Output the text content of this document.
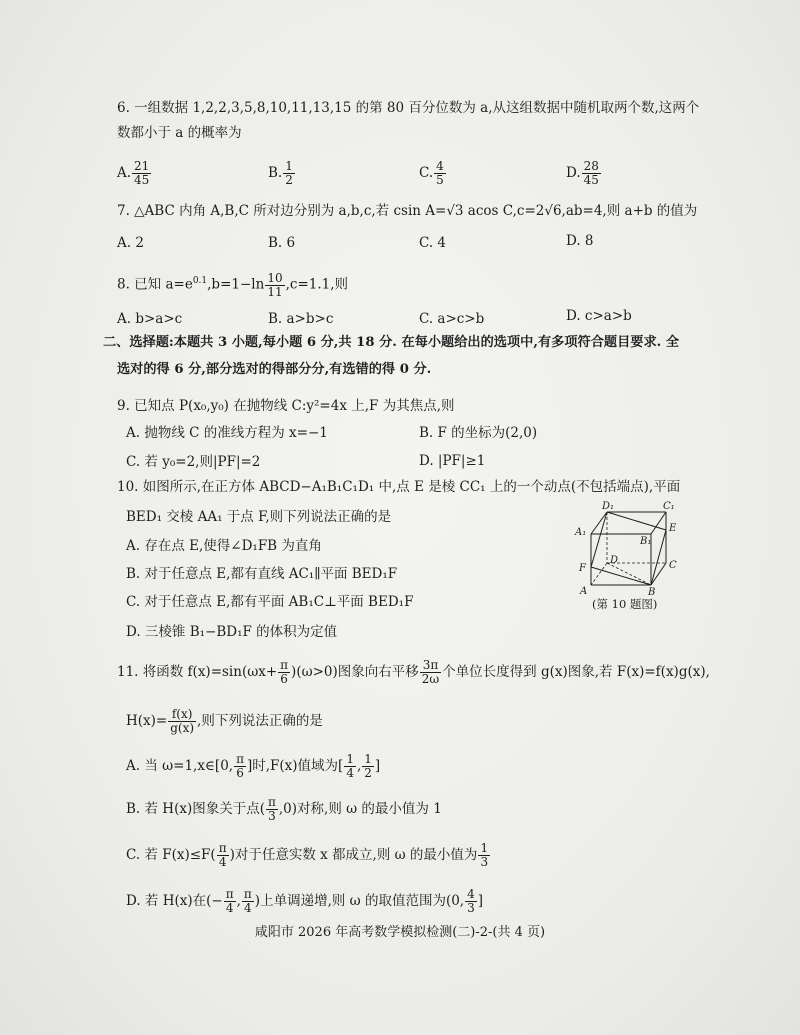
6. 一组数据 1,2,2,3,5,8,10,11,13,15 的第 80 百分位数为 a,从这组数据中随机取两个数,这两个
数都小于 a 的概率为
A. $\frac{21}{45}$	B. $\frac{1}{2}$	C. $\frac{4}{5}$	D. $\frac{28}{45}$
7. △ABC 内角 A,B,C 所对边分别为 a,b,c,若 csin A=√3 acos C,c=2√6,ab=4,则 a+b 的值为
A. 2	B. 6	C. 4	D. 8
8. 已知 $a=e^{0.1},b=1-\ln \frac{10}{11} ,c=1.1$,则
A. b>a>c	B. a>b>c	C. a>c>b	D. c>a>b
二、选择题:本题共 3 小题,每小题 6 分,共 18 分. 在每小题给出的选项中,有多项符合题目要求. 全
选对的得 6 分,部分选对的得部分分,有选错的得 0 分.
9. 已知点 P(x₀,y₀) 在抛物线 C:y²=4x 上,F 为其焦点,则
A. 抛物线 C 的准线方程为 x=−1	B. F 的坐标为(2,0)
C. 若 y₀=2,则|PF|=2	D. |PF|≥1
10. 如图所示,在正方体 ABCD−A₁B₁C₁D₁ 中,点 E 是棱 CC₁ 上的一个动点(不包括端点),平面
BED₁ 交棱 AA₁ 于点 F,则下列说法正确的是
A. 存在点 E,使得∠D₁FB 为直角
B. 对于任意点 E,都有直线 AC₁∥平面 BED₁F
C. 对于任意点 E,都有平面 AB₁C⊥平面 BED₁F
D. 三棱锥 B₁−BD₁F 的体积为定值
D₁	C₁
A₁
B₁
E
F
D	C
A	B
(第 10 题图)
11. 将函数 $f(x)=\sin(\omega x+ \frac{\pi}{6} )(\omega>0)$图象向右平移 $\frac{3\pi}{2\omega}$ 个单位长度得到 g(x)图象,若 F(x)=f(x)g(x),
$H(x)= \frac{f(x)}{g(x)}$ ,则下列说法正确的是
A. 当 ω=1,x∈[0, $\frac{\pi}{6}$ ]时,F(x)值域为[ $\frac{1}{4}$ , $\frac{1}{2}$ ]
B. 若 H(x)图象关于点( $\frac{\pi}{3} ,0$)对称,则 ω 的最小值为 1
C. 若 $F(x)\le F( \frac{\pi}{4}$ )对于任意实数 x 都成立,则 ω 的最小值为 $\frac{1}{3}$
D. 若 H(x)在(− $\frac{\pi}{4}$ , $\frac{\pi}{4}$ )上单调递增,则 ω 的取值范围为(0, $\frac{4}{3}$ ]
咸阳市 2026 年高考数学模拟检测(二)-2-(共 4 页)
